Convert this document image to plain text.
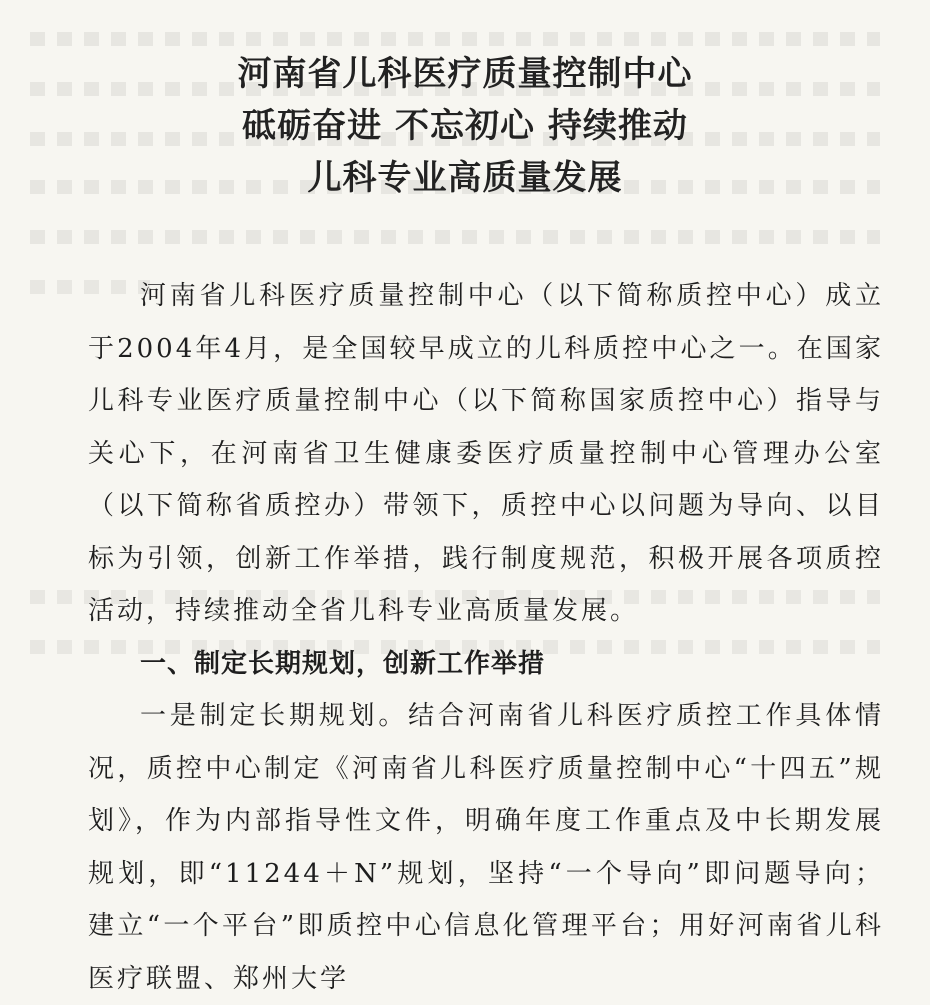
河南省儿科医疗质量控制中心
砥砺奋进 不忘初心 持续推动
儿科专业高质量发展

河南省儿科医疗质量控制中心（以下简称质控中心）成立于2004年4月，是全国较早成立的儿科质控中心之一。在国家儿科专业医疗质量控制中心（以下简称国家质控中心）指导与关心下，在河南省卫生健康委医疗质量控制中心管理办公室（以下简称省质控办）带领下，质控中心以问题为导向、以目标为引领，创新工作举措，践行制度规范，积极开展各项质控活动，持续推动全省儿科专业高质量发展。

一、制定长期规划，创新工作举措

一是制定长期规划。结合河南省儿科医疗质控工作具体情况，质控中心制定《河南省儿科医疗质量控制中心“十四五”规划》，作为内部指导性文件，明确年度工作重点及中长期发展规划，即“11244＋N”规划，坚持“一个导向”即问题导向；建立“一个平台”即质控中心信息化管理平台；用好河南省儿科医疗联盟、郑州大学
